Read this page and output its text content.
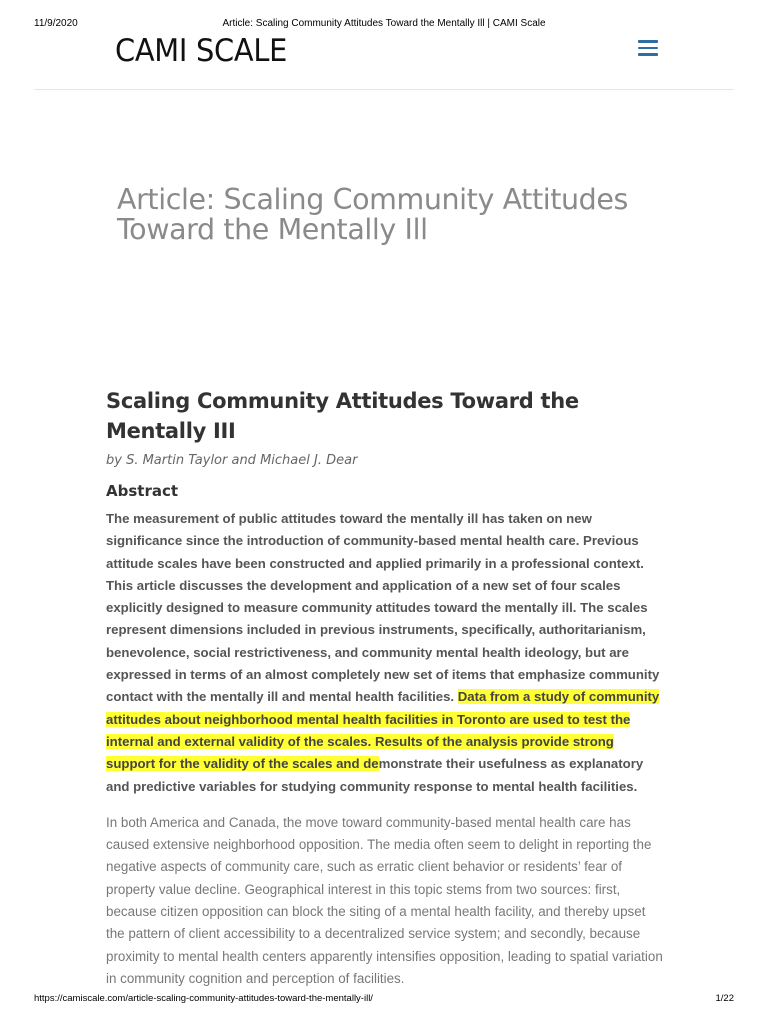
11/9/2020	Article: Scaling Community Attitudes Toward the Mentally Ill | CAMI Scale
CAMI SCALE
Article: Scaling Community Attitudes Toward the Mentally Ill
Scaling Community Attitudes Toward the Mentally III

by S. Martin Taylor and Michael J. Dear

Abstract

The measurement of public attitudes toward the mentally ill has taken on new significance since the introduction of community-based mental health care. Previous attitude scales have been constructed and applied primarily in a professional context. This article discusses the development and application of a new set of four scales explicitly designed to measure community attitudes toward the mentally ill. The scales represent dimensions included in previous instruments, specifically, authoritarianism, benevolence, social restrictiveness, and community mental health ideology, but are expressed in terms of an almost completely new set of items that emphasize community contact with the mentally ill and mental health facilities. Data from a study of community attitudes about neighborhood mental health facilities in Toronto are used to test the internal and external validity of the scales. Results of the analysis provide strong support for the validity of the scales and demonstrate their usefulness as explanatory and predictive variables for studying community response to mental health facilities.

In both America and Canada, the move toward community-based mental health care has caused extensive neighborhood opposition. The media often seem to delight in reporting the negative aspects of community care, such as erratic client behavior or residents’ fear of property value decline. Geographical interest in this topic stems from two sources: first, because citizen opposition can block the siting of a mental health facility, and thereby upset the pattern of client accessibility to a decentralized service system; and secondly, because proximity to mental health centers apparently intensifies opposition, leading to spatial variation in community cognition and perception of facilities.

https://camiscale.com/article-scaling-community-attitudes-toward-the-mentally-ill/	1/22
